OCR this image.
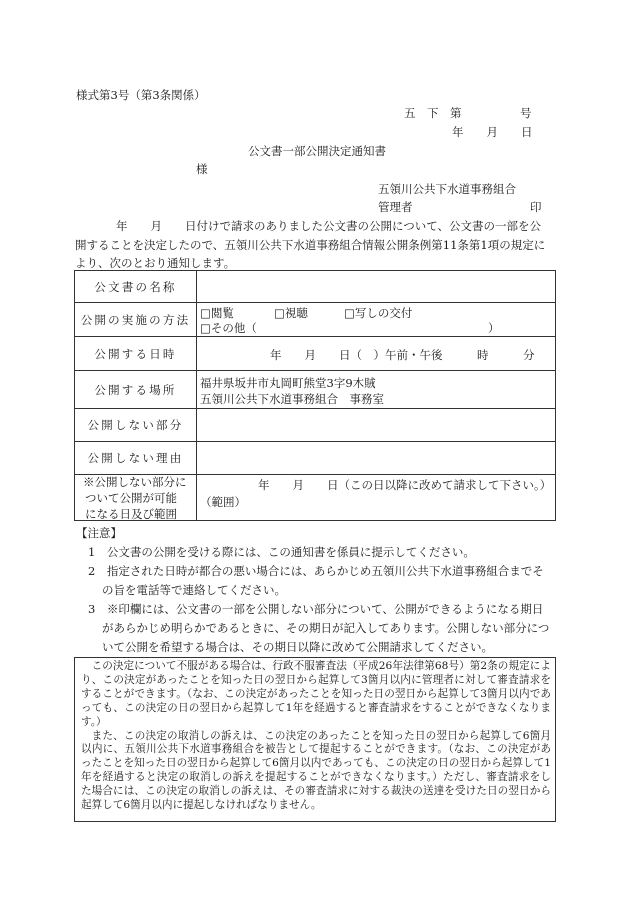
様式第3号（第3条関係）
五　下　第	号
年　　月　　日
公文書一部公開決定通知書
様
五領川公共下水道事務組合
管理者	印
年　　月　　日付けで請求のありました公文書の公開について、公文書の一部を公
開することを決定したので、五領川公共下水道事務組合情報公開条例第11条第1項の規定に
より、次のとおり通知します。
公文書の名称
公開の実施の方法 □閲覧	□視聴	□写しの交付
□その他（	）
公開する日時	年　　月　　日（　）午前・午後　　　時　　　分
公開する場所	福井県坂井市丸岡町熊堂3字9木賊
五領川公共下水道事務組合　事務室
公開しない部分
公開しない理由
※公開しない部分に
ついて公開が可能
になる日及び範囲
年　　月　　日（この日以降に改めて請求して下さい。）
（範囲）
【注意】
1　公文書の公開を受ける際には、この通知書を係員に提示してください。
2　指定された日時が都合の悪い場合には、あらかじめ五領川公共下水道事務組合までそ
の旨を電話等で連絡してください。
3　※印欄には、公文書の一部を公開しない部分について、公開ができるようになる期日
があらかじめ明らかであるときに、その期日が記入してあります。公開しない部分につ
いて公開を希望する場合は、その期日以降に改めて公開請求してください。

この決定について不服がある場合は、行政不服審査法（平成26年法律第68号）第2条の規定により、この決定があったことを知った日の翌日から起算して3箇月以内に管理者に対して審査請求をすることができます。（なお、この決定があったことを知った日の翌日から起算して3箇月以内であっても、この決定の日の翌日から起算して1年を経過すると審査請求をすることができなくなります。）

また、この決定の取消しの訴えは、この決定のあったことを知った日の翌日から起算して6箇月以内に、五領川公共下水道事務組合を被告として提起することができます。（なお、この決定があったことを知った日の翌日から起算して6箇月以内であっても、この決定の日の翌日から起算して1年を経過すると決定の取消しの訴えを提起することができなくなります。）ただし、審査請求をした場合には、この決定の取消しの訴えは、その審査請求に対する裁決の送達を受けた日の翌日から起算して6箇月以内に提起しなければなりません。
